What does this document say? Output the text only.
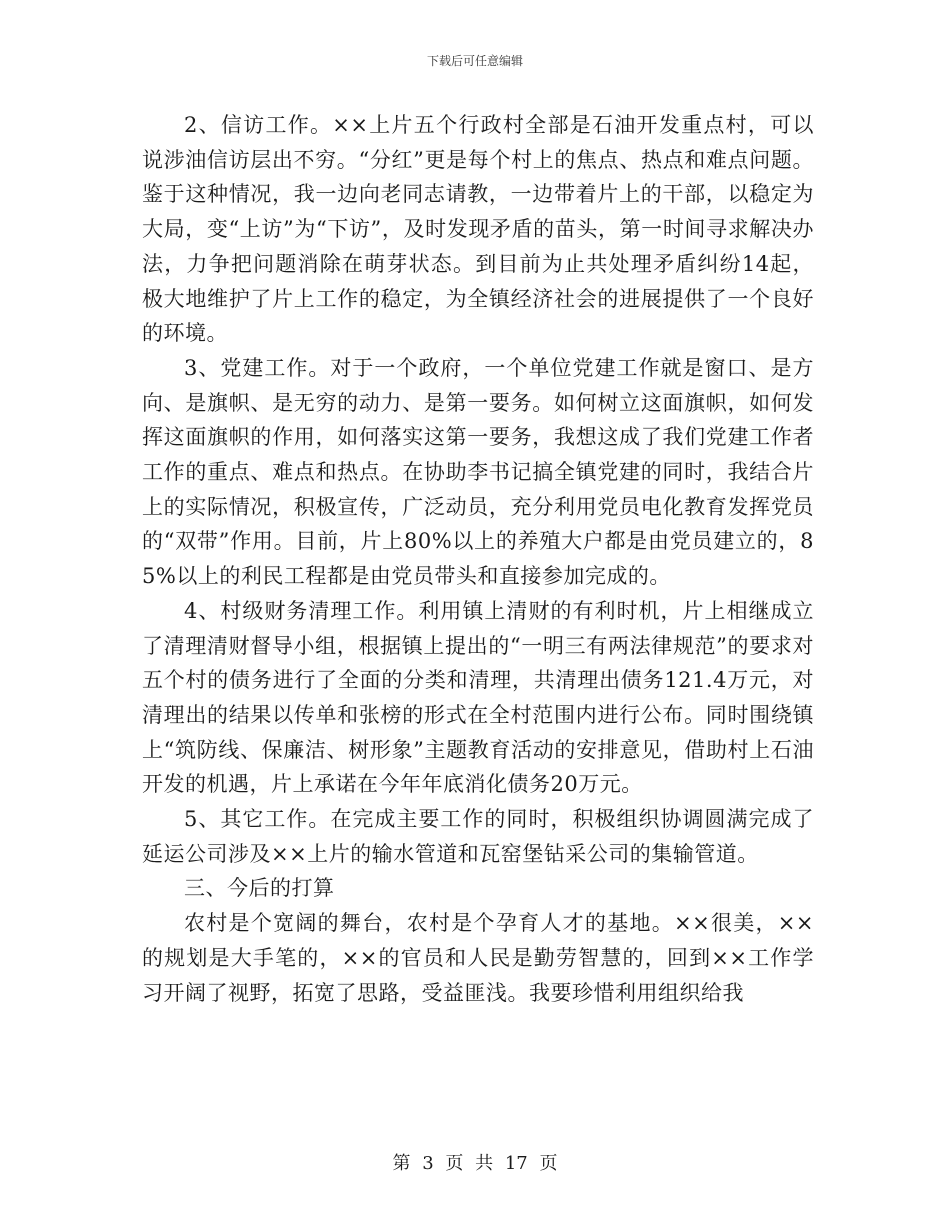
下载后可任意编辑

2、信访工作。××上片五个行政村全部是石油开发重点村，可以说涉油信访层出不穷。“分红”更是每个村上的焦点、热点和难点问题。鉴于这种情况，我一边向老同志请教，一边带着片上的干部，以稳定为大局，变“上访”为“下访”，及时发现矛盾的苗头，第一时间寻求解决办法，力争把问题消除在萌芽状态。到目前为止共处理矛盾纠纷14起，极大地维护了片上工作的稳定，为全镇经济社会的进展提供了一个良好的环境。

3、党建工作。对于一个政府，一个单位党建工作就是窗口、是方向、是旗帜、是无穷的动力、是第一要务。如何树立这面旗帜，如何发挥这面旗帜的作用，如何落实这第一要务，我想这成了我们党建工作者工作的重点、难点和热点。在协助李书记搞全镇党建的同时，我结合片上的实际情况，积极宣传，广泛动员，充分利用党员电化教育发挥党员的“双带”作用。目前，片上80%以上的养殖大户都是由党员建立的，85%以上的利民工程都是由党员带头和直接参加完成的。

4、村级财务清理工作。利用镇上清财的有利时机，片上相继成立了清理清财督导小组，根据镇上提出的“一明三有两法律规范”的要求对五个村的债务进行了全面的分类和清理，共清理出债务121.4万元，对清理出的结果以传单和张榜的形式在全村范围内进行公布。同时围绕镇上“筑防线、保廉洁、树形象”主题教育活动的安排意见，借助村上石油开发的机遇，片上承诺在今年年底消化债务20万元。

5、其它工作。在完成主要工作的同时，积极组织协调圆满完成了延运公司涉及××上片的输水管道和瓦窑堡钻采公司的集输管道。

三、今后的打算

农村是个宽阔的舞台，农村是个孕育人才的基地。××很美，××的规划是大手笔的，××的官员和人民是勤劳智慧的，回到××工作学习开阔了视野，拓宽了思路，受益匪浅。我要珍惜利用组织给我

第 3 页 共 17 页
